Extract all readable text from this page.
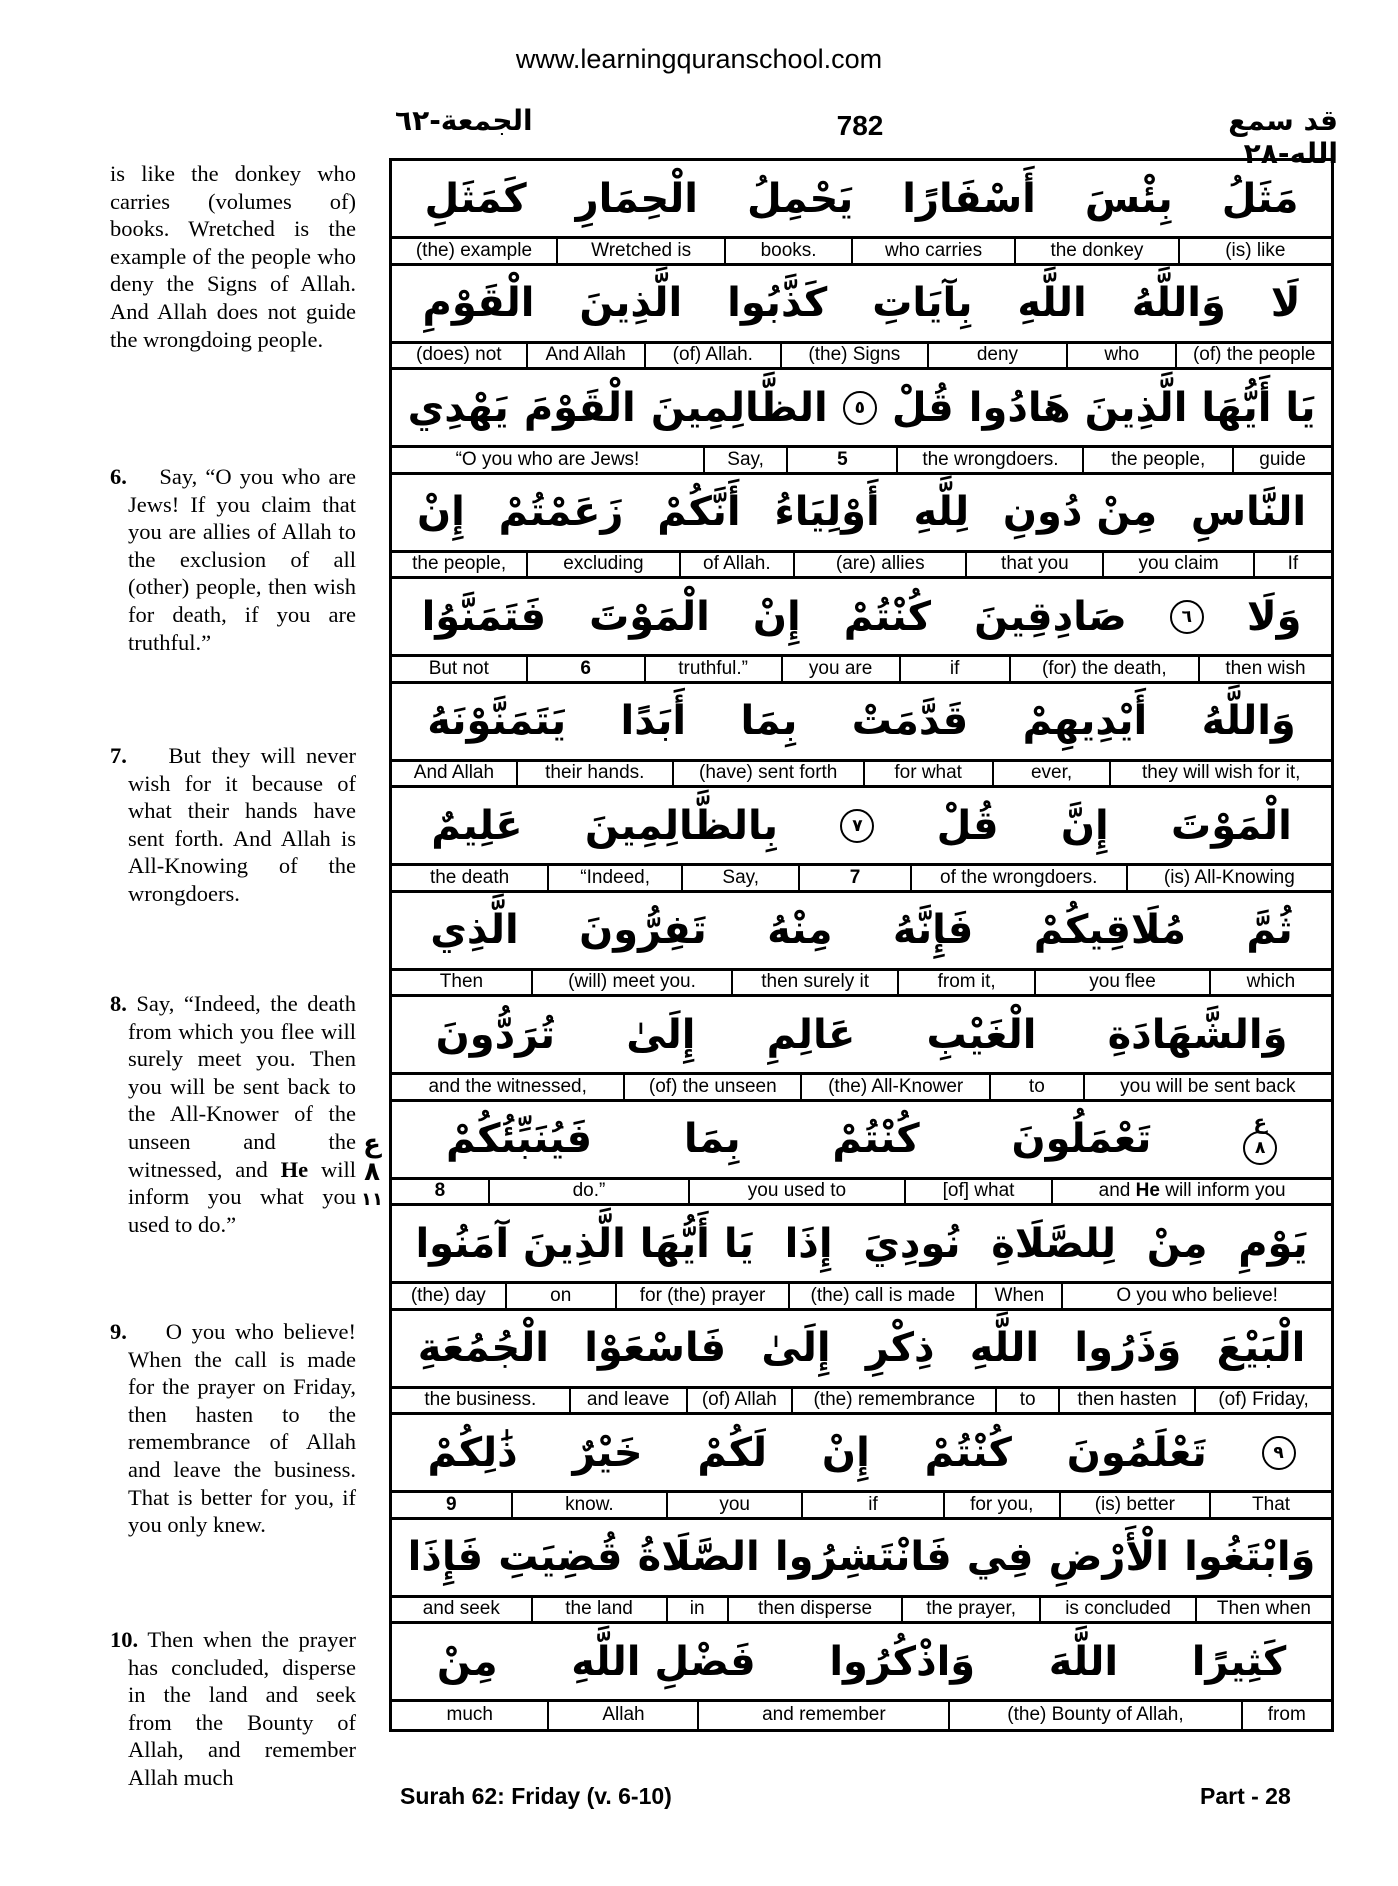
www.learningquranschool.com
الجمعة-٦٢	782	قد سمع الله-٢٨
is like the donkey who carries (volumes of) books. Wretched is the example of the people who deny the Signs of Allah. And Allah does not guide the wrongdoing people.
6. Say, “O you who are Jews! If you claim that you are allies of Allah to the exclusion of all (other) people, then wish for death, if you are truthful.”
7. But they will never wish for it because of what their hands have sent forth. And Allah is All-Knowing of the wrongdoers.
8. Say, “Indeed, the death from which you flee will surely meet you. Then you will be sent back to the All-Knower of the unseen and the witnessed, and He will inform you what you used to do.”
ع
٨
١١
9. O you who believe! When the call is made for the prayer on Friday, then hasten to the remembrance of Allah and leave the business. That is better for you, if you only knew.
10. Then when the prayer has concluded, disperse in the land and seek from the Bounty of Allah, and remember Allah much
كَمَثَلِ الْحِمَارِ يَحْمِلُ أَسْفَارًا بِئْسَ مَثَلُ
(the) example	Wretched is	books.	who carries	the donkey	(is) like
الْقَوْمِ الَّذِينَ كَذَّبُوا بِآيَاتِ اللَّهِ وَاللَّهُ لَا
(does) not	And Allah	(of) Allah.	(the) Signs	deny	who	(of) the people
يَهْدِي الْقَوْمَ الظَّالِمِينَ	٥ قُلْ يَا أَيُّهَا الَّذِينَ هَادُوا
“O you who are Jews!	Say,	5	the wrongdoers.	the people,	guide
إِنْ زَعَمْتُمْ أَنَّكُمْ أَوْلِيَاءُ لِلَّهِ مِنْ دُونِ النَّاسِ
the people,	excluding	of Allah.	(are) allies	that you	you claim	If
فَتَمَنَّوُا الْمَوْتَ إِنْ كُنْتُمْ صَادِقِينَ	٦ وَلَا
But not	6	truthful.”	you are	if	(for) the death,	then wish
يَتَمَنَّوْنَهُ أَبَدًا بِمَا قَدَّمَتْ أَيْدِيهِمْ وَاللَّهُ
And Allah	their hands.	(have) sent forth	for what	ever,	they will wish for it,
عَلِيمٌ بِالظَّالِمِينَ	٧ قُلْ إِنَّ الْمَوْتَ
the death	“Indeed,	Say,	7	of the wrongdoers.	(is) All-Knowing
الَّذِي تَفِرُّونَ مِنْهُ فَإِنَّهُ مُلَاقِيكُمْ ثُمَّ
Then	(will) meet you.	then surely it	from it,	you flee	which
تُرَدُّونَ إِلَىٰ عَالِمِ الْغَيْبِ وَالشَّهَادَةِ
and the witnessed,	(of) the unseen	(the) All-Knower	to	you will be sent back
فَيُنَبِّئُكُمْ بِمَا كُنْتُمْ تَعْمَلُونَ	ع
٨
8	do.”	you used to	[of] what	and He will inform you
يَا أَيُّهَا الَّذِينَ آمَنُوا إِذَا نُودِيَ لِلصَّلَاةِ مِنْ يَوْمِ
(the) day	on	for (the) prayer	(the) call is made	When	O you who believe!
الْجُمُعَةِ فَاسْعَوْا إِلَىٰ ذِكْرِ اللَّهِ وَذَرُوا الْبَيْعَ
the business.	and leave	(of) Allah	(the) remembrance	to	then hasten	(of) Friday,
ذَٰلِكُمْ خَيْرٌ لَكُمْ إِنْ كُنْتُمْ تَعْلَمُونَ	٩
9	know.	you	if	for you,	(is) better	That
فَإِذَا قُضِيَتِ الصَّلَاةُ فَانْتَشِرُوا فِي الْأَرْضِ وَابْتَغُوا
and seek	the land	in	then disperse	the prayer,	is concluded	Then when
مِنْ فَضْلِ اللَّهِ وَاذْكُرُوا اللَّهَ كَثِيرًا
much	Allah	and remember	(the) Bounty of Allah,	from
Surah 62: Friday (v. 6-10)	Part - 28
